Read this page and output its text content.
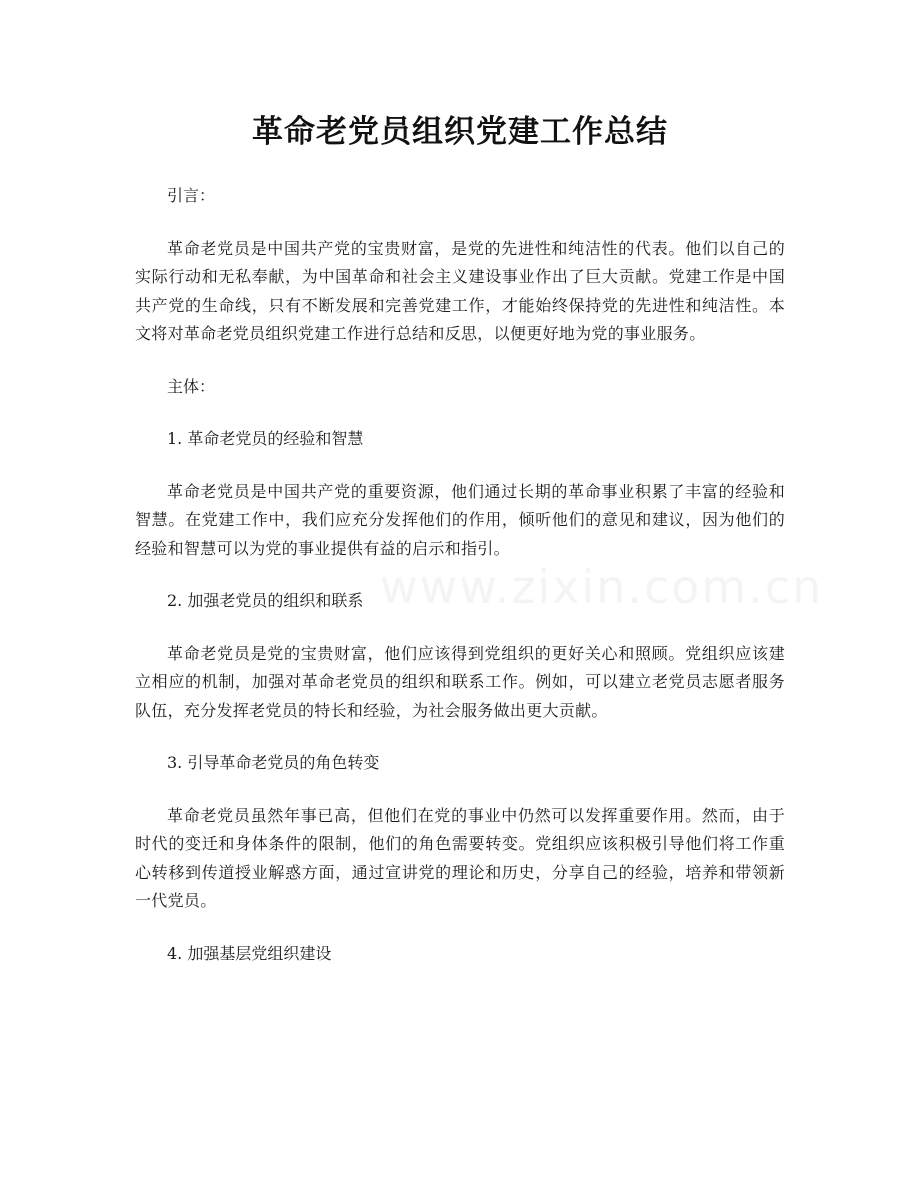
www.zixin.com.cn
革命老党员组织党建工作总结

引言：

革命老党员是中国共产党的宝贵财富，是党的先进性和纯洁性的代表。他们以自己的实际行动和无私奉献，为中国革命和社会主义建设事业作出了巨大贡献。党建工作是中国共产党的生命线，只有不断发展和完善党建工作，才能始终保持党的先进性和纯洁性。本文将对革命老党员组织党建工作进行总结和反思，以便更好地为党的事业服务。

主体：

1. 革命老党员的经验和智慧

革命老党员是中国共产党的重要资源，他们通过长期的革命事业积累了丰富的经验和智慧。在党建工作中，我们应充分发挥他们的作用，倾听他们的意见和建议，因为他们的经验和智慧可以为党的事业提供有益的启示和指引。

2. 加强老党员的组织和联系

革命老党员是党的宝贵财富，他们应该得到党组织的更好关心和照顾。党组织应该建立相应的机制，加强对革命老党员的组织和联系工作。例如，可以建立老党员志愿者服务队伍，充分发挥老党员的特长和经验，为社会服务做出更大贡献。

3. 引导革命老党员的角色转变

革命老党员虽然年事已高，但他们在党的事业中仍然可以发挥重要作用。然而，由于时代的变迁和身体条件的限制，他们的角色需要转变。党组织应该积极引导他们将工作重心转移到传道授业解惑方面，通过宣讲党的理论和历史，分享自己的经验，培养和带领新一代党员。

4. 加强基层党组织建设
